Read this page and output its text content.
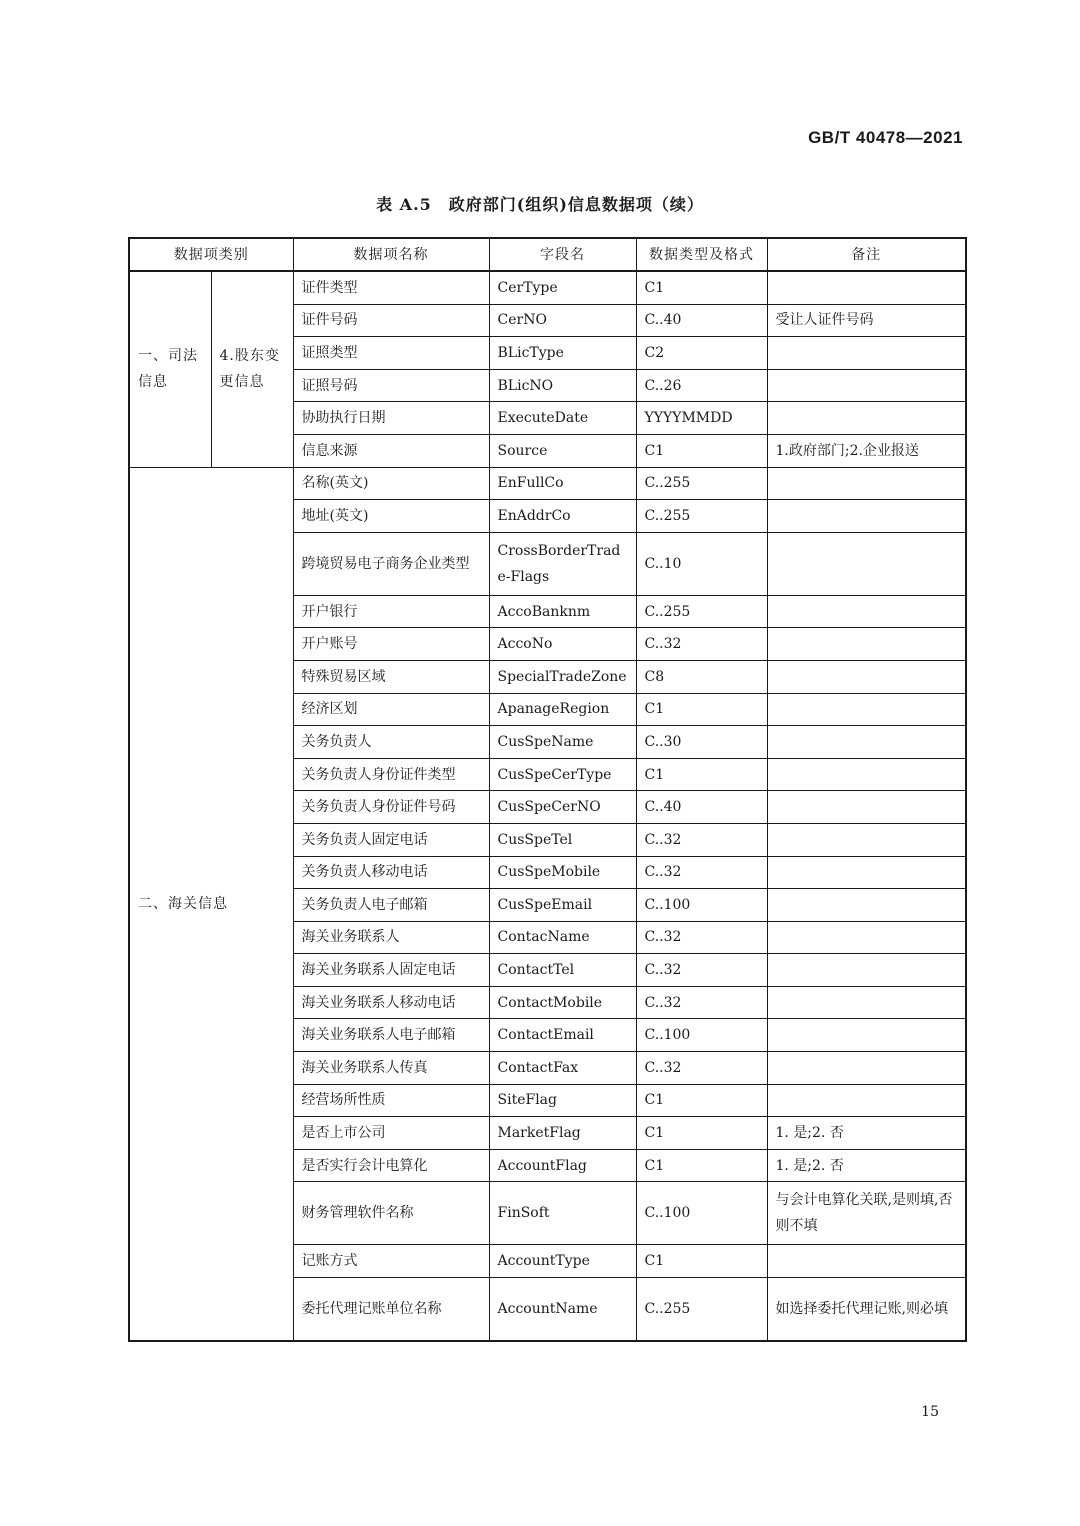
GB/T 40478—2021
表 A.5　政府部门(组织)信息数据项（续）
数据项类别		数据项名称	字段名	数据类型及格式	备注
一、司法信息	4.股东变更信息	证件类型	CerType	C1	
		证件号码	CerNO	C..40	受让人证件号码
		证照类型	BLicType	C2	
		证照号码	BLicNO	C..26	
		协助执行日期	ExecuteDate	YYYYMMDD	
		信息来源	Source	C1	1.政府部门;2.企业报送
二、海关信息		名称(英文)	EnFullCo	C..255	
		地址(英文)	EnAddrCo	C..255	
		跨境贸易电子商务企业类型	CrossBorderTrade-Flags	C..10	
		开户银行	AccoBanknm	C..255	
		开户账号	AccoNo	C..32	
		特殊贸易区域	SpecialTradeZone	C8	
		经济区划	ApanageRegion	C1	
		关务负责人	CusSpeName	C..30	
		关务负责人身份证件类型	CusSpeCerType	C1	
		关务负责人身份证件号码	CusSpeCerNO	C..40	
		关务负责人固定电话	CusSpeTel	C..32	
		关务负责人移动电话	CusSpeMobile	C..32	
		关务负责人电子邮箱	CusSpeEmail	C..100	
		海关业务联系人	ContacName	C..32	
		海关业务联系人固定电话	ContactTel	C..32	
		海关业务联系人移动电话	ContactMobile	C..32	
		海关业务联系人电子邮箱	ContactEmail	C..100	
		海关业务联系人传真	ContactFax	C..32	
		经营场所性质	SiteFlag	C1	
		是否上市公司	MarketFlag	C1	1. 是;2. 否
		是否实行会计电算化	AccountFlag	C1	1. 是;2. 否
		财务管理软件名称	FinSoft	C..100	与会计电算化关联,是则填,否则不填
		记账方式	AccountType	C1	
		委托代理记账单位名称	AccountName	C..255	如选择委托代理记账,则必填
15
